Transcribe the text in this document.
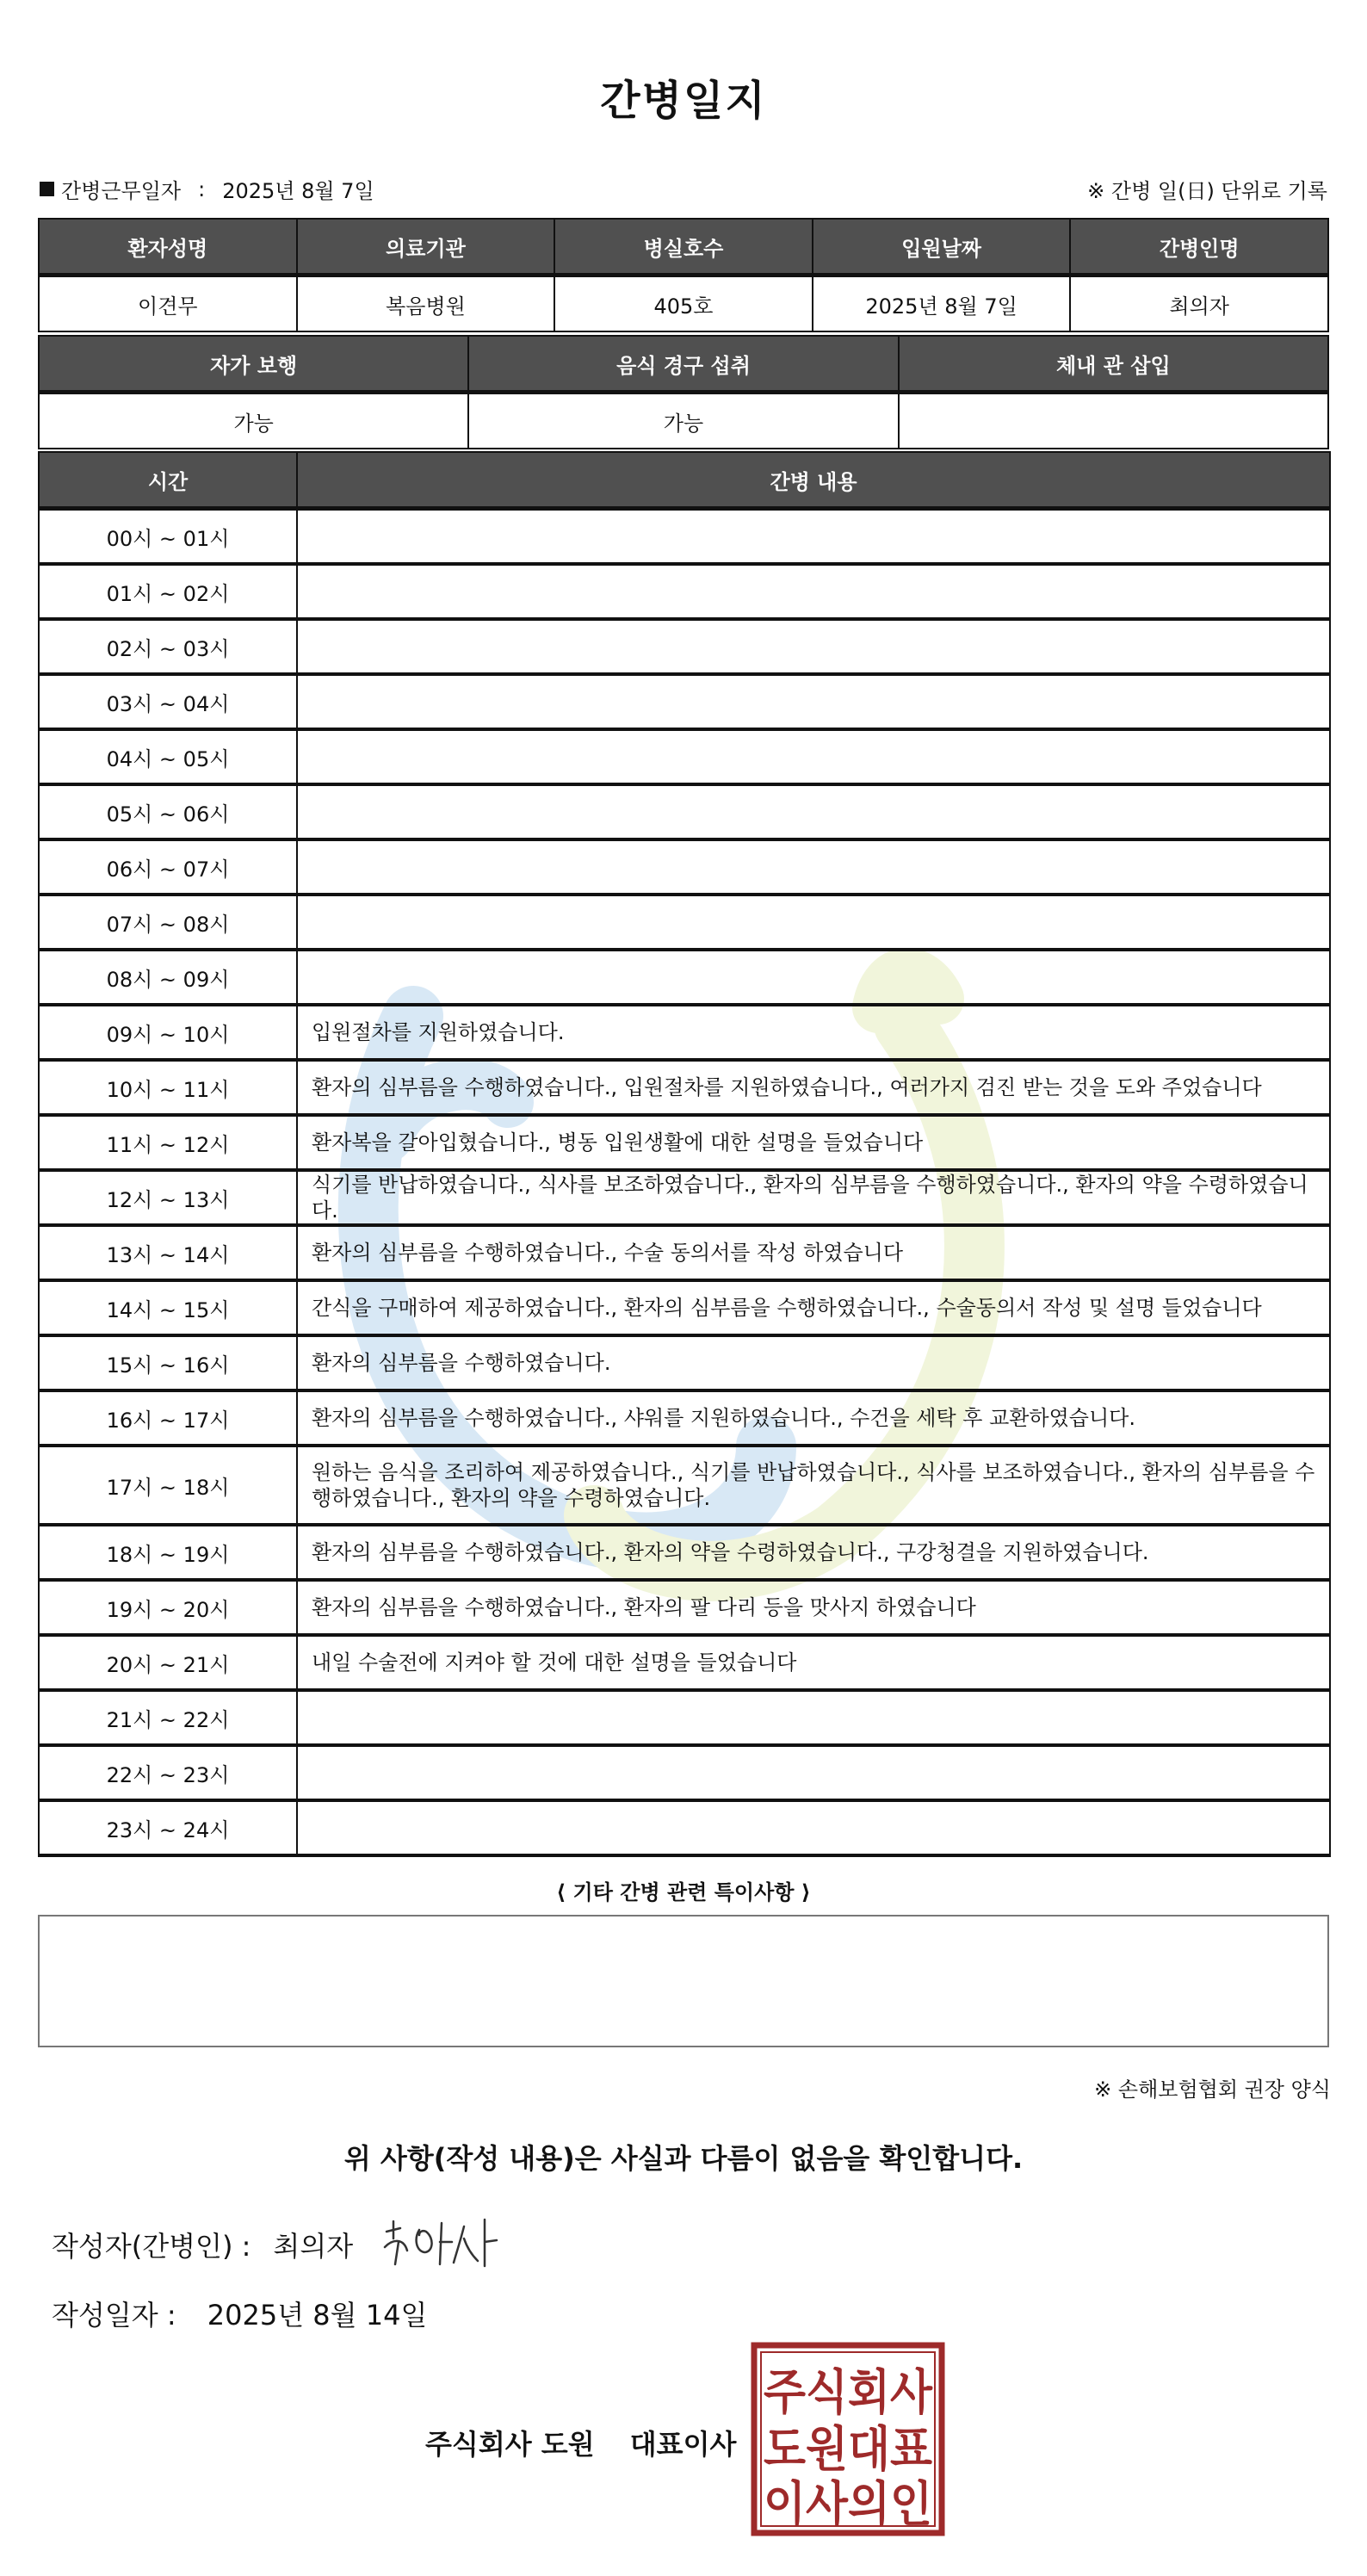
간병일지
간병근무일자 : 2025년 8월 7일	※ 간병 일(日) 단위로 기록
환자성명	의료기관	병실호수	입원날짜	간병인명
이견무	복음병원	405호	2025년 8월 7일	최의자
자가 보행	음식 경구 섭취	체내 관 삽입
가능	가능	
시간	간병 내용
00시 ~ 01시	
01시 ~ 02시	
02시 ~ 03시	
03시 ~ 04시	
04시 ~ 05시	
05시 ~ 06시	
06시 ~ 07시	
07시 ~ 08시	
08시 ~ 09시	
09시 ~ 10시	입원절차를 지원하였습니다.
10시 ~ 11시	환자의 심부름을 수행하였습니다., 입원절차를 지원하였습니다., 여러가지 검진 받는 것을 도와 주었습니다
11시 ~ 12시	환자복을 갈아입혔습니다., 병동 입원생활에 대한 설명을 들었습니다
12시 ~ 13시	식기를 반납하였습니다., 식사를 보조하였습니다., 환자의 심부름을 수행하였습니다., 환자의 약을 수령하였습니다.
13시 ~ 14시	환자의 심부름을 수행하였습니다., 수술 동의서를 작성 하였습니다
14시 ~ 15시	간식을 구매하여 제공하였습니다., 환자의 심부름을 수행하였습니다., 수술동의서 작성 및 설명 들었습니다
15시 ~ 16시	환자의 심부름을 수행하였습니다.
16시 ~ 17시	환자의 심부름을 수행하였습니다., 샤워를 지원하였습니다., 수건을 세탁 후 교환하였습니다.
17시 ~ 18시	원하는 음식을 조리하여 제공하였습니다., 식기를 반납하였습니다., 식사를 보조하였습니다., 환자의 심부름을 수행하였습니다., 환자의 약을 수령하였습니다.
18시 ~ 19시	환자의 심부름을 수행하였습니다., 환자의 약을 수령하였습니다., 구강청결을 지원하였습니다.
19시 ~ 20시	환자의 심부름을 수행하였습니다., 환자의 팔 다리 등을 맛사지 하였습니다
20시 ~ 21시	내일 수술전에 지켜야 할 것에 대한 설명을 들었습니다
21시 ~ 22시	
22시 ~ 23시	
23시 ~ 24시	
⟨ 기타 간병 관련 특이사항 ⟩
※ 손해보험협회 권장 양식
위 사항(작성 내용)은 사실과 다름이 없음을 확인합니다.
작성자(간병인) : 최의자
작성일자 : 2025년 8월 14일
주식회사 도원 대표이사
주식회사
도원대표
이사의인
